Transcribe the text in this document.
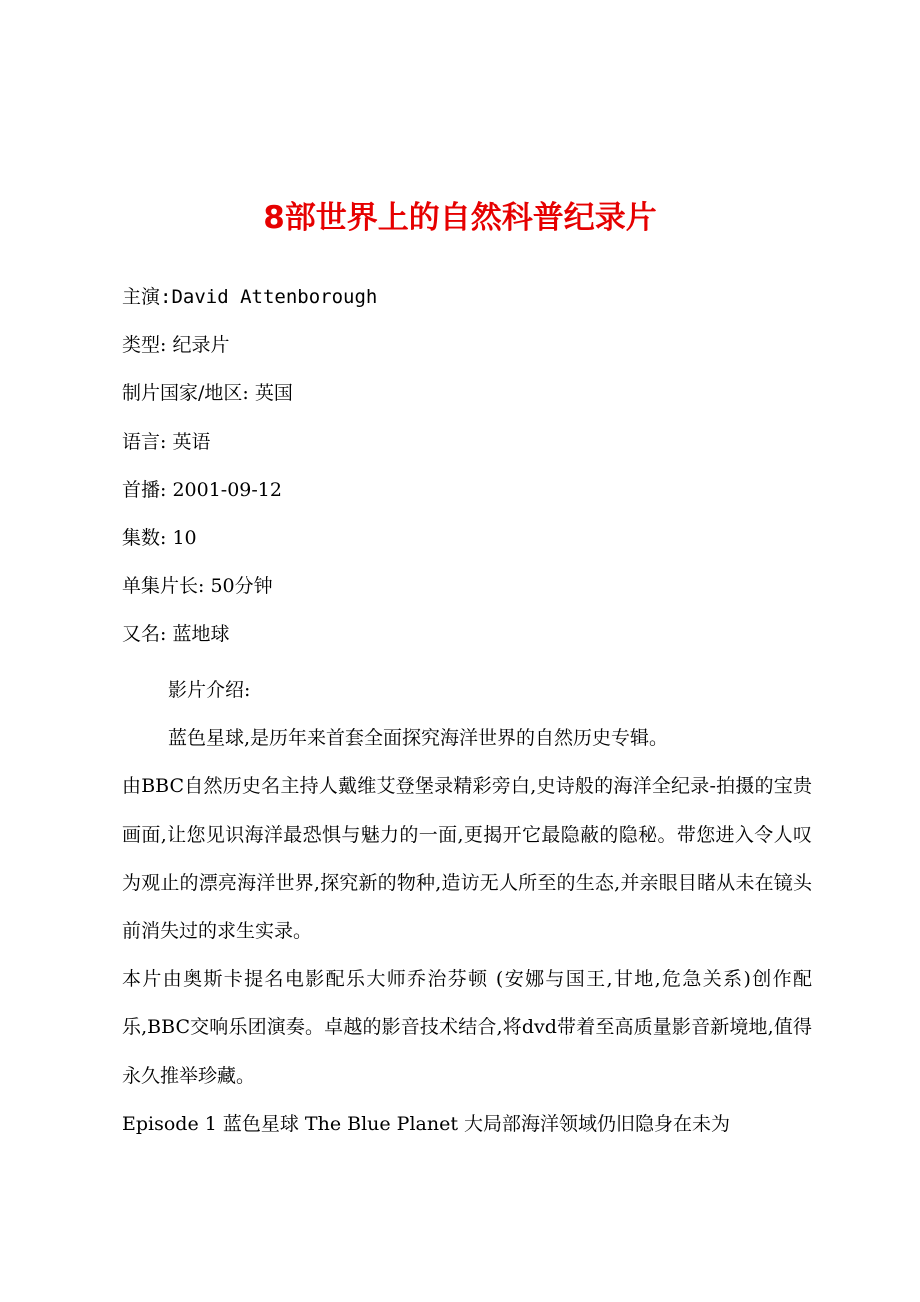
8部世界上的自然科普纪录片
主演:David Attenborough
类型: 纪录片
制片国家/地区: 英国
语言: 英语
首播: 2001-09-12
集数: 10
单集片长: 50分钟
又名: 蓝地球

影片介绍:

蓝色星球,是历年来首套全面探究海洋世界的自然历史专辑。

由BBC自然历史名主持人戴维艾登堡录精彩旁白,史诗般的海洋全纪录-拍摄的宝贵画面,让您见识海洋最恐惧与魅力的一面,更揭开它最隐蔽的隐秘。带您进入令人叹为观止的漂亮海洋世界,探究新的物种,造访无人所至的生态,并亲眼目睹从未在镜头前消失过的求生实录。

本片由奥斯卡提名电影配乐大师乔治芬顿 (安娜与国王,甘地,危急关系)创作配乐,BBC交响乐团演奏。卓越的影音技术结合,将dvd带着至高质量影音新境地,值得永久推举珍藏。

Episode 1 蓝色星球 The Blue Planet 大局部海洋领域仍旧隐身在未为
